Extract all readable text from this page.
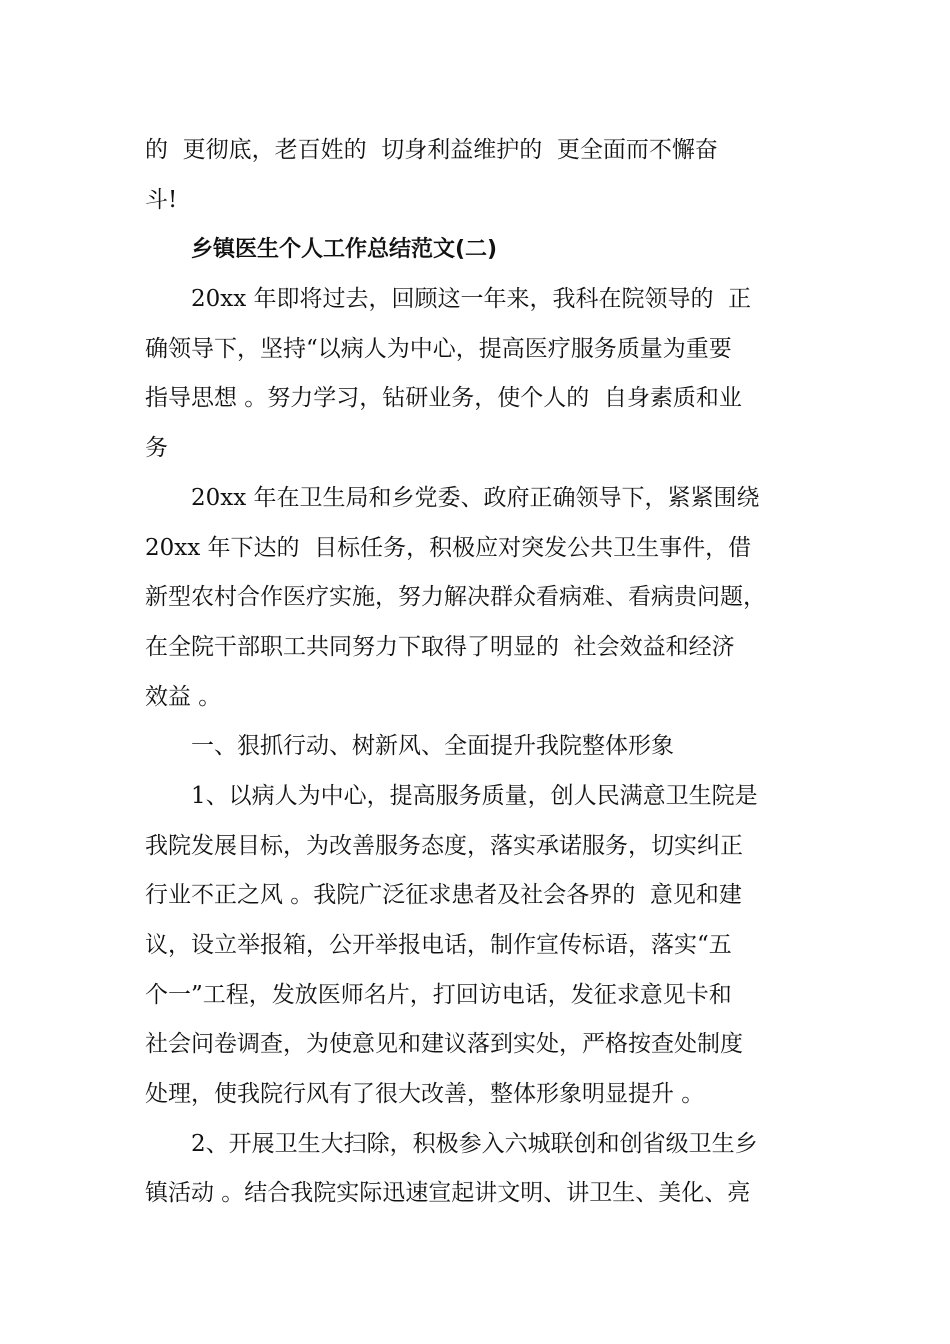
的  更彻底，老百姓的  切身利益维护的  更全面而不懈奋
斗!
乡镇医生个人工作总结范文(二)
20xx 年即将过去，回顾这一年来，我科在院领导的  正
确领导下，坚持“以病人为中心，提高医疗服务质量为重要
指导思想 。努力学习，钻研业务，使个人的  自身素质和业
务
20xx 年在卫生局和乡党委、政府正确领导下，紧紧围绕
20xx 年下达的  目标任务，积极应对突发公共卫生事件，借
新型农村合作医疗实施，努力解决群众看病难、看病贵问题，
在全院干部职工共同努力下取得了明显的  社会效益和经济
效益 。
一、狠抓行动、树新风、全面提升我院整体形象
1、以病人为中心，提高服务质量，创人民满意卫生院是
我院发展目标，为改善服务态度，落实承诺服务，切实纠正
行业不正之风 。我院广泛征求患者及社会各界的  意见和建
议，设立举报箱，公开举报电话，制作宣传标语，落实“五
个一”工程，发放医师名片，打回访电话，发征求意见卡和
社会问卷调查，为使意见和建议落到实处，严格按查处制度
处理，使我院行风有了很大改善，整体形象明显提升 。
2、开展卫生大扫除，积极参入六城联创和创省级卫生乡
镇活动 。结合我院实际迅速宣起讲文明、讲卫生、美化、亮
